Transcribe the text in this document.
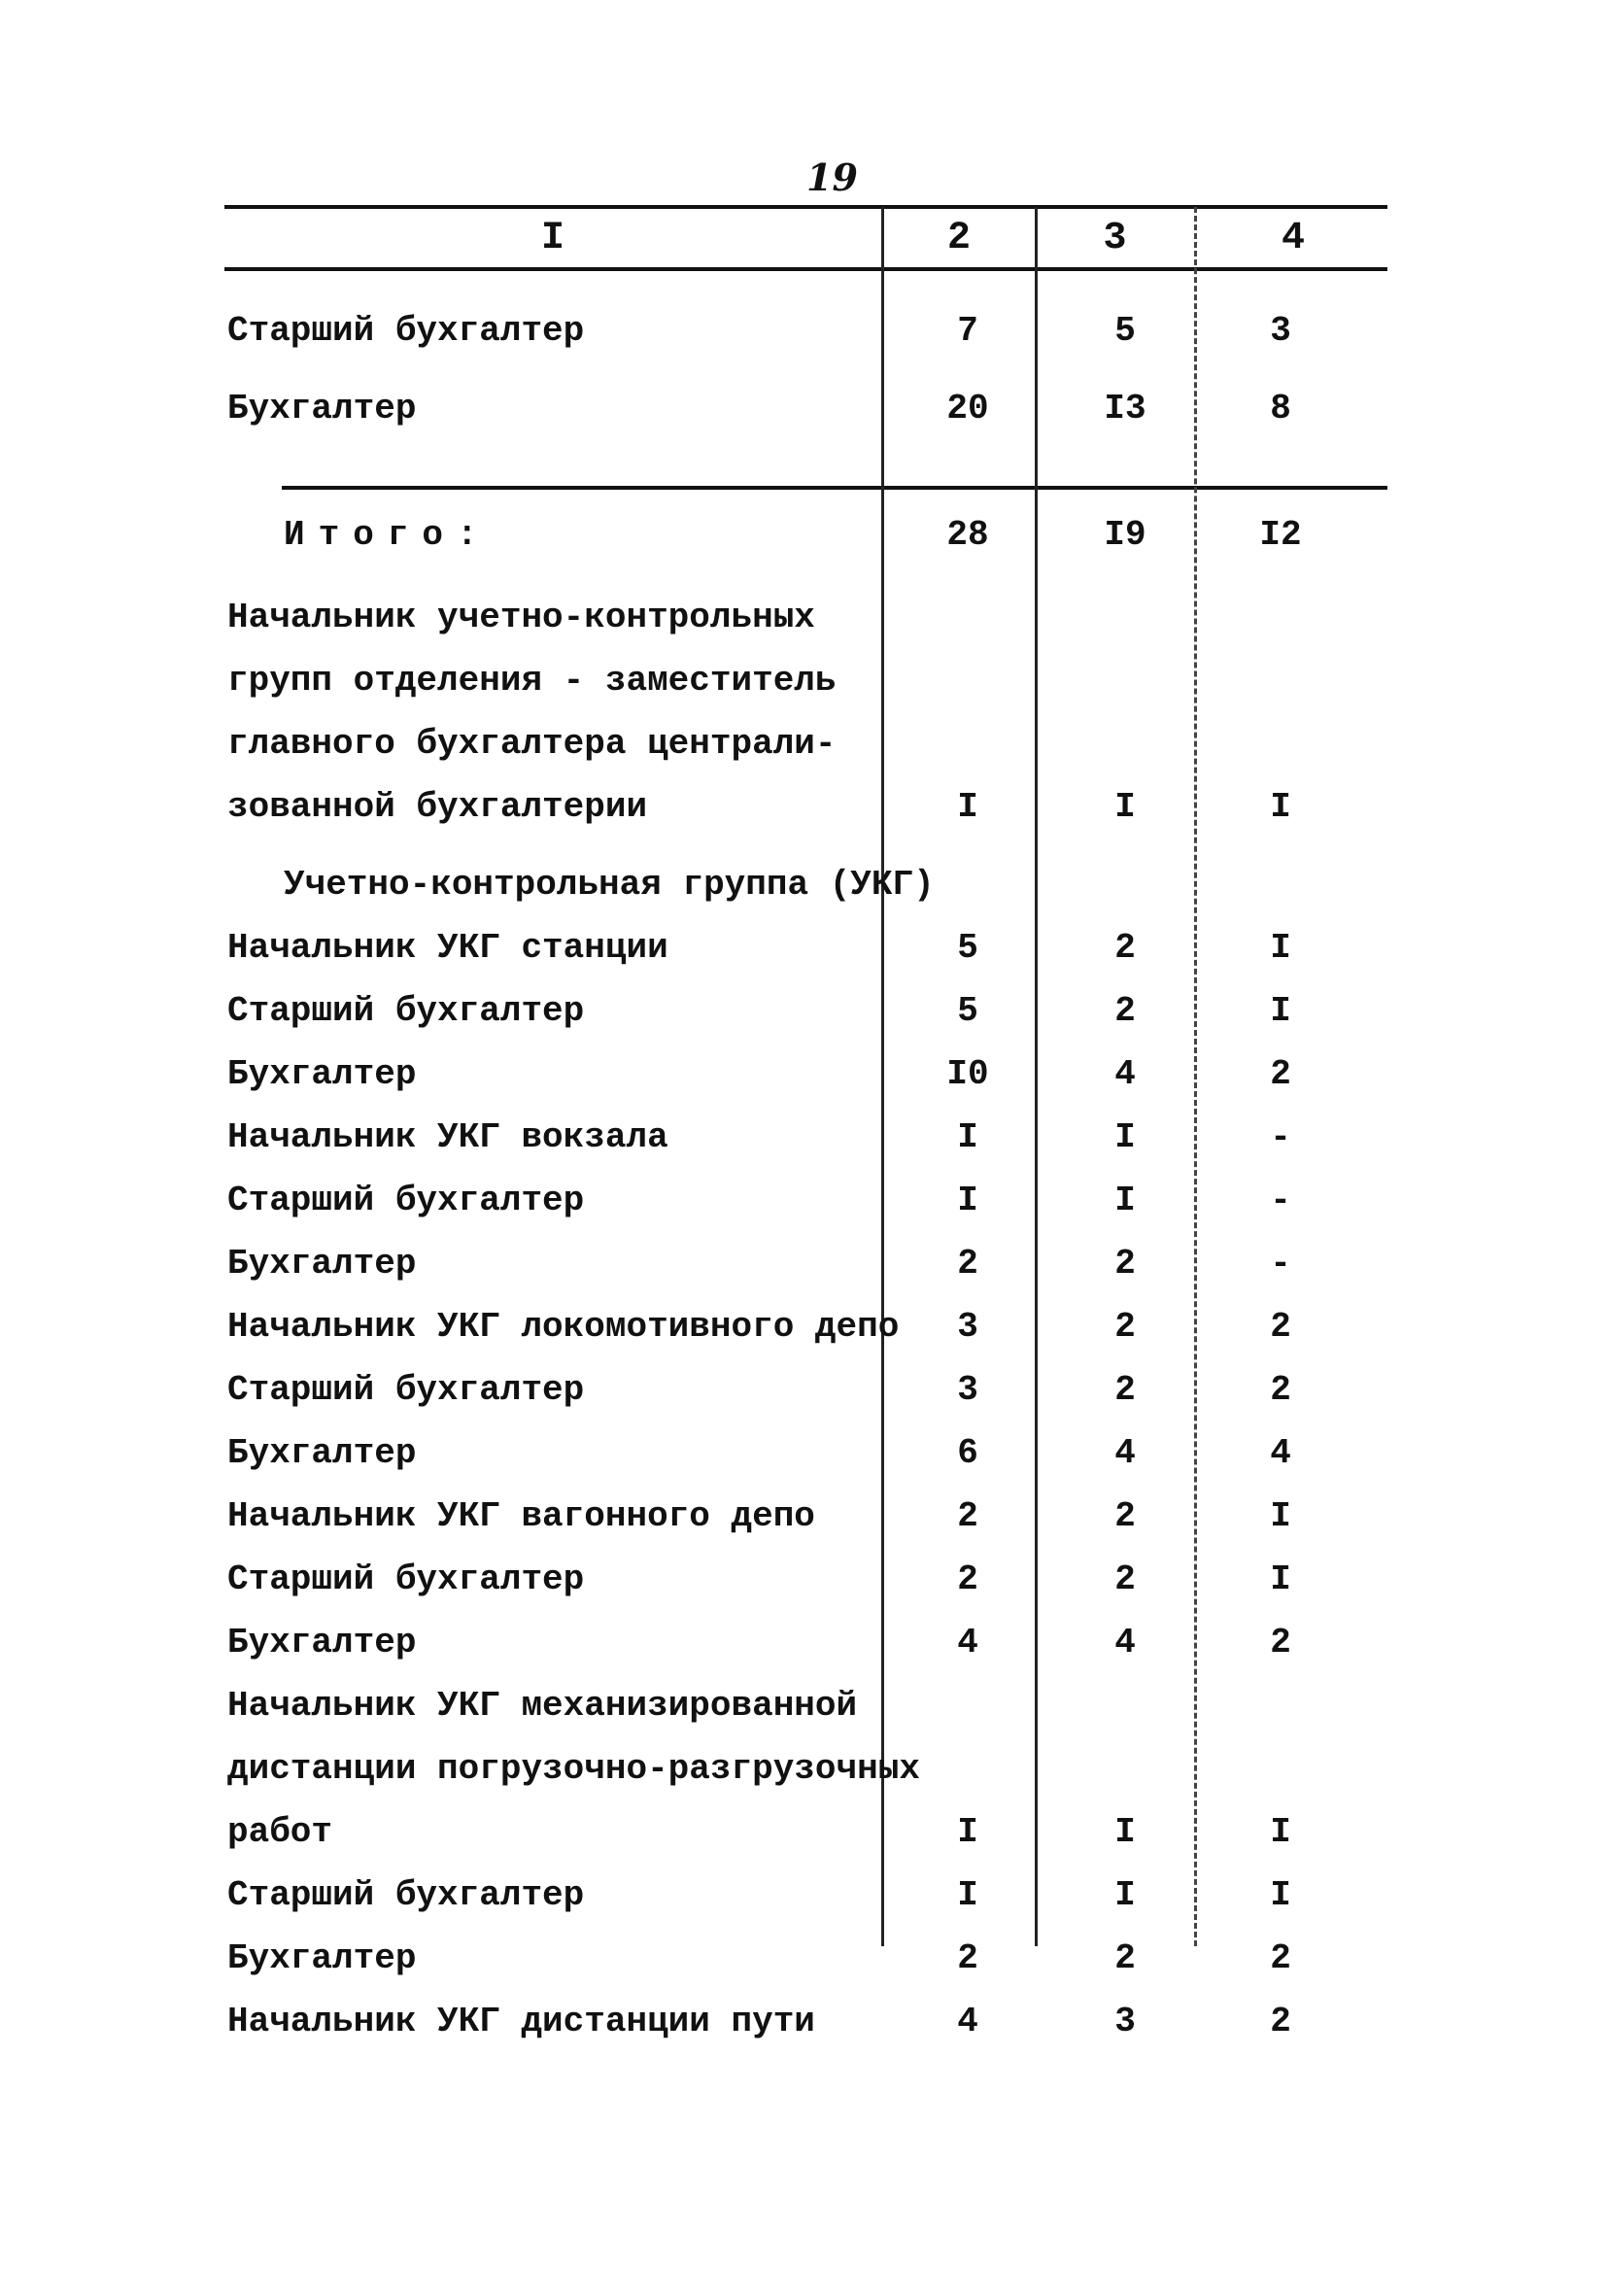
19
I	2	3	4
Старший бухгалтер	7	5	3
Бухгалтер	20	I3	8
Итого:	28	I9	I2
Начальник учетно-контрольных
групп отделения - заместитель
главного бухгалтера централи-
зованной бухгалтерии	I	I	I
Учетно-контрольная группа (УКГ)
Начальник УКГ станции	5	2	I
Старший бухгалтер	5	2	I
Бухгалтер	I0	4	2
Начальник УКГ вокзала	I	I	-
Старший бухгалтер	I	I	-
Бухгалтер	2	2	-
Начальник УКГ локомотивного депо	3	2	2
Старший бухгалтер	3	2	2
Бухгалтер	6	4	4
Начальник УКГ вагонного депо	2	2	I
Старший бухгалтер	2	2	I
Бухгалтер	4	4	2
Начальник УКГ механизированной
дистанции погрузочно-разгрузочных
работ	I	I	I
Старший бухгалтер	I	I	I
Бухгалтер	2	2	2
Начальник УКГ дистанции пути	4	3	2
